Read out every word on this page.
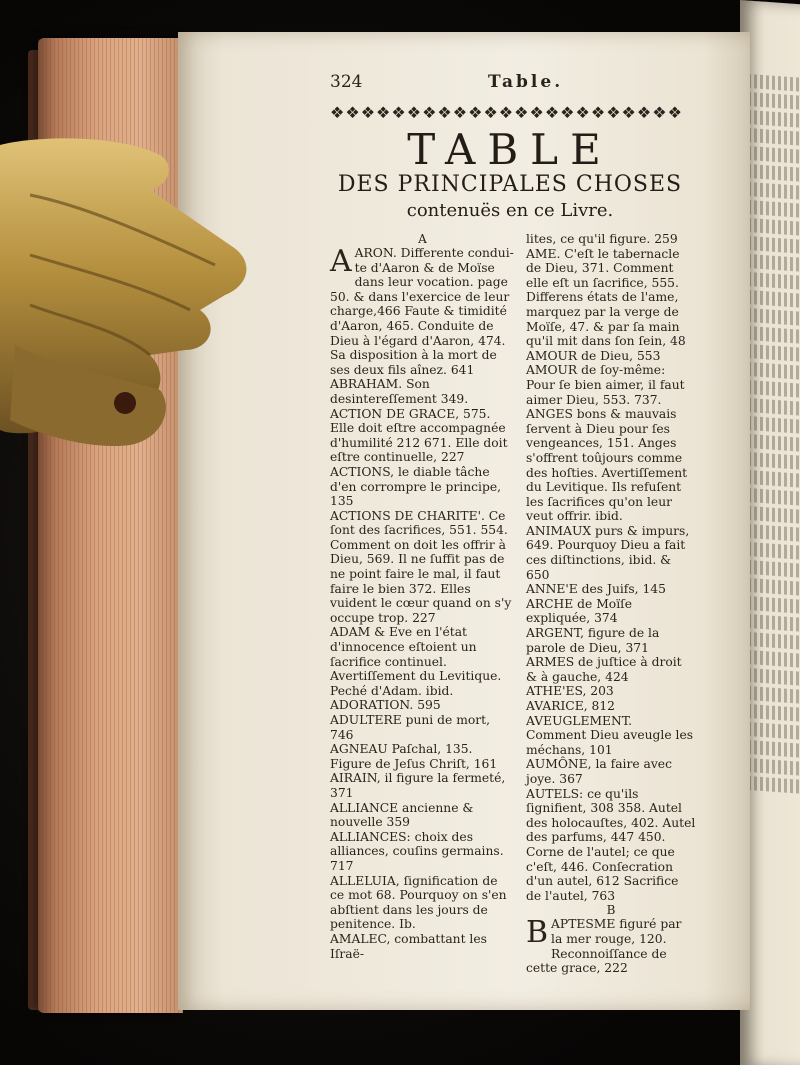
324	Table.
❖❖❖❖❖❖❖❖❖❖❖❖❖❖❖❖❖❖❖❖❖❖❖
TABLE
DES PRINCIPALES CHOSES
contenuës en ce Livre.
A
A ARON. Differente condui-te d'Aaron & de Moïse dans leur vocation. page 50. & dans l'exercice de leur charge,466 Faute & timidité d'Aaron, 465. Conduite de Dieu à l'égard d'Aaron, 474. Sa disposition à la mort de ses deux fils aînez. 641
ABRAHAM. Son desintereſſement 349.
ACTION DE GRACE, 575. Elle doit eſtre accompagnée d'humilité 212 671. Elle doit eſtre continuelle, 227
ACTIONS, le diable tâche d'en corrompre le principe, 135
ACTIONS DE CHARITE'. Ce ſont des ſacrifices, 551. 554. Comment on doit les offrir à Dieu, 569. Il ne ſuffit pas de ne point faire le mal, il faut faire le bien 372. Elles vuident le cœur quand on s'y occupe trop. 227
ADAM & Eve en l'état d'innocence eſtoient un ſacrifice continuel. Avertiſſement du Levitique. Peché d'Adam. ibid.
ADORATION. 595
ADULTERE puni de mort, 746
AGNEAU Paſchal, 135. Figure de Jeſus Chriſt, 161
AIRAIN, il figure la fermeté, 371
ALLIANCE ancienne & nouvelle 359
ALLIANCES: choix des alliances, couſins germains. 717
ALLELUIA, ſignification de ce mot 68. Pourquoy on s'en abſtient dans les jours de penitence. Ib.
AMALEC, combattant les Iſraë-
lites, ce qu'il figure. 259
AME. C'eſt le tabernacle de Dieu, 371. Comment elle eſt un ſacrifice, 555. Differens états de l'ame, marquez par la verge de Moïſe, 47. & par ſa main qu'il mit dans ſon ſein, 48
AMOUR de Dieu, 553
AMOUR de ſoy-même: Pour ſe bien aimer, il faut aimer Dieu, 553. 737.
ANGES bons & mauvais ſervent à Dieu pour ſes vengeances, 151. Anges s'offrent toûjours comme des hoſties. Avertiſſement du Levitique. Ils refuſent les ſacrifices qu'on leur veut offrir. ibid.
ANIMAUX purs & impurs, 649. Pourquoy Dieu a fait ces diſtinctions, ibid. & 650
ANNE'E des Juifs, 145
ARCHE de Moïſe expliquée, 374
ARGENT, figure de la parole de Dieu, 371
ARMES de juſtice à droit & à gauche, 424
ATHE'ES, 203
AVARICE, 812
AVEUGLEMENT. Comment Dieu aveugle les méchans, 101
AUMÔNE, la faire avec joye. 367
AUTELS: ce qu'ils ſignifient, 308 358. Autel des holocauſtes, 402. Autel des parfums, 447 450. Corne de l'autel; ce que c'eſt, 446. Conſecration d'un autel, 612 Sacrifice de l'autel, 763
B
B APTESME figuré par la mer rouge, 120. Reconnoiſſance de cette grace, 222
